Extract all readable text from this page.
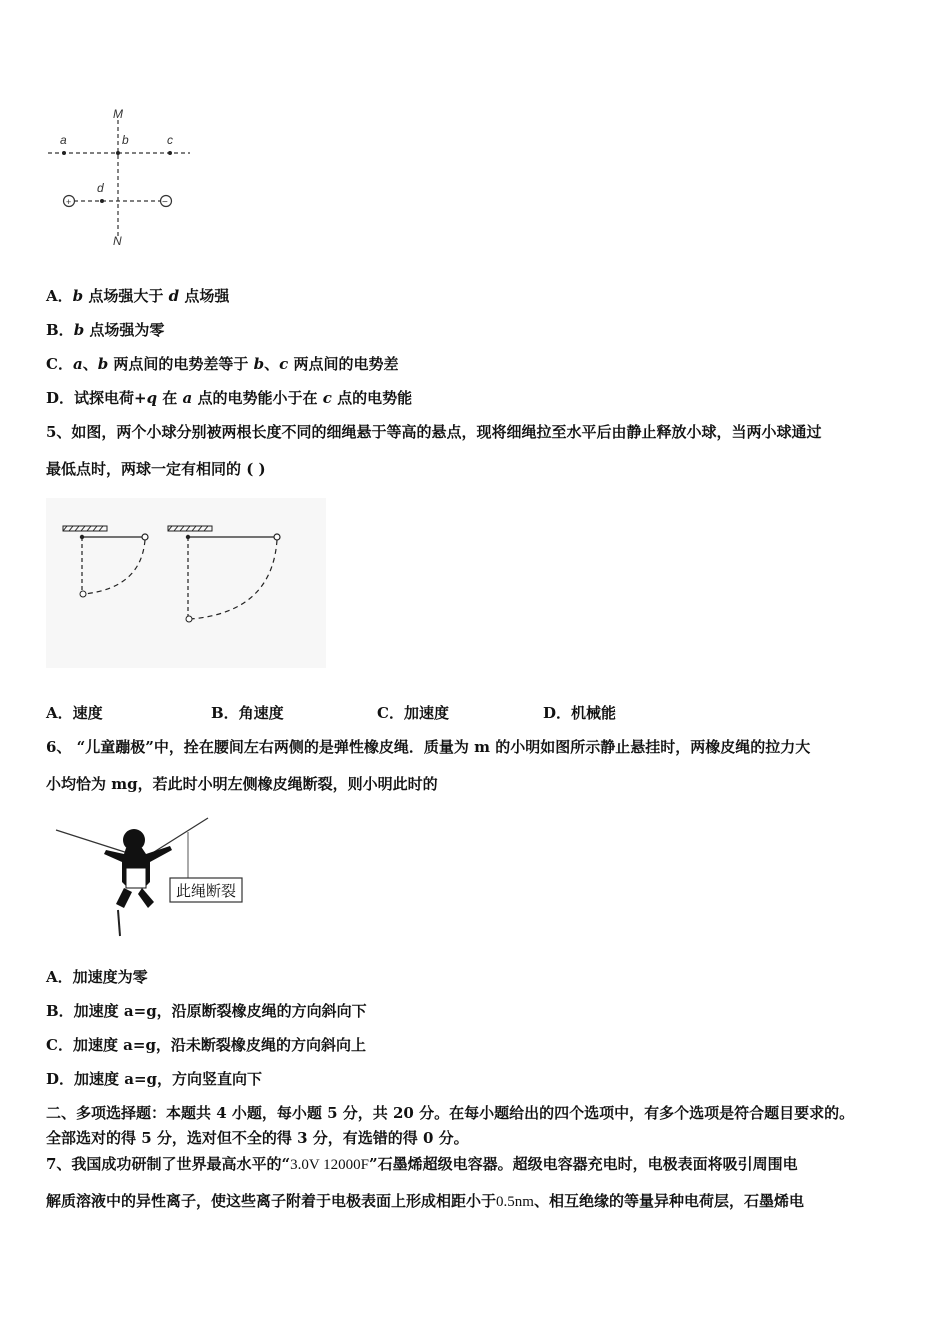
+	−
M
N
a	b	c
d
A．b 点场强大于 d 点场强
B．b 点场强为零
C．a、b 两点间的电势差等于 b、c 两点间的电势差
D．试探电荷+q 在 a 点的电势能小于在 c 点的电势能
5、如图，两个小球分别被两根长度不同的细绳悬于等高的悬点，现将细绳拉至水平后由静止释放小球，当两小球通过
最低点时，两球一定有相同的 ( )
A．速度	B．角速度	C．加速度	D．机械能
6、 “儿童蹦极”中，拴在腰间左右两侧的是弹性橡皮绳．质量为 m 的小明如图所示静止悬挂时，两橡皮绳的拉力大
小均恰为 mg，若此时小明左侧橡皮绳断裂，则小明此时的
此绳断裂
A．加速度为零
B．加速度 a=g，沿原断裂橡皮绳的方向斜向下
C．加速度 a=g，沿未断裂橡皮绳的方向斜向上
D．加速度 a=g，方向竖直向下
二、多项选择题：本题共 4 小题，每小题 5 分，共 20 分。在每小题给出的四个选项中，有多个选项是符合题目要求的。
全部选对的得 5 分，选对但不全的得 3 分，有选错的得 0 分。
7、我国成功研制了世界最高水平的“3.0V 12000F”石墨烯超级电容器。超级电容器充电时，电极表面将吸引周围电
解质溶液中的异性离子，使这些离子附着于电极表面上形成相距小于0.5nm、相互绝缘的等量异种电荷层，石墨烯电
